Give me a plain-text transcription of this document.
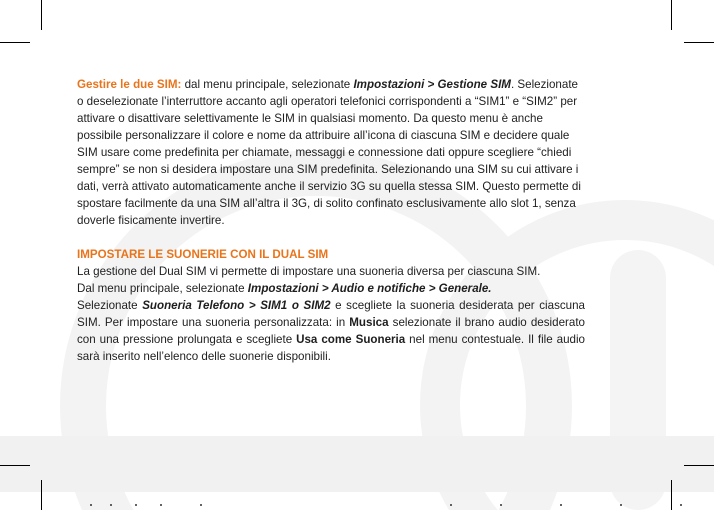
Gestire le due SIM: dal menu principale, selezionate Impostazioni > Gestione SIM. Selezionate o deselezionate l’interruttore accanto agli operatori telefonici corrispondenti a “SIM1” e “SIM2” per attivare o disattivare selettivamente le SIM in qualsiasi momento. Da questo menu è anche possibile personalizzare il colore e nome da attribuire all’icona di ciascuna SIM e decidere quale SIM usare come predefinita per chiamate, messaggi e connessione dati oppure scegliere “chiedi sempre” se non si desidera impostare una SIM predefinita. Selezionando una SIM su cui attivare i dati, verrà attivato automaticamente anche il servizio 3G su quella stessa SIM. Questo permette di spostare facilmente da una SIM all’altra il 3G, di solito confinato esclusivamente allo slot 1, senza doverle fisicamente invertire.

IMPOSTARE LE SUONERIE CON IL DUAL SIM

La gestione del Dual SIM vi permette di impostare una suoneria diversa per ciascuna SIM.

Dal menu principale, selezionate Impostazioni > Audio e notifiche > Generale.

Selezionate Suoneria Telefono > SIM1 o SIM2 e scegliete la suoneria desiderata per ciascuna SIM. Per impostare una suoneria personalizzata: in Musica selezionate il brano audio desiderato con una pressione prolungata e scegliete Usa come Suoneria nel menu contestuale. Il file audio sarà inserito nell’elenco delle suonerie disponibili.
